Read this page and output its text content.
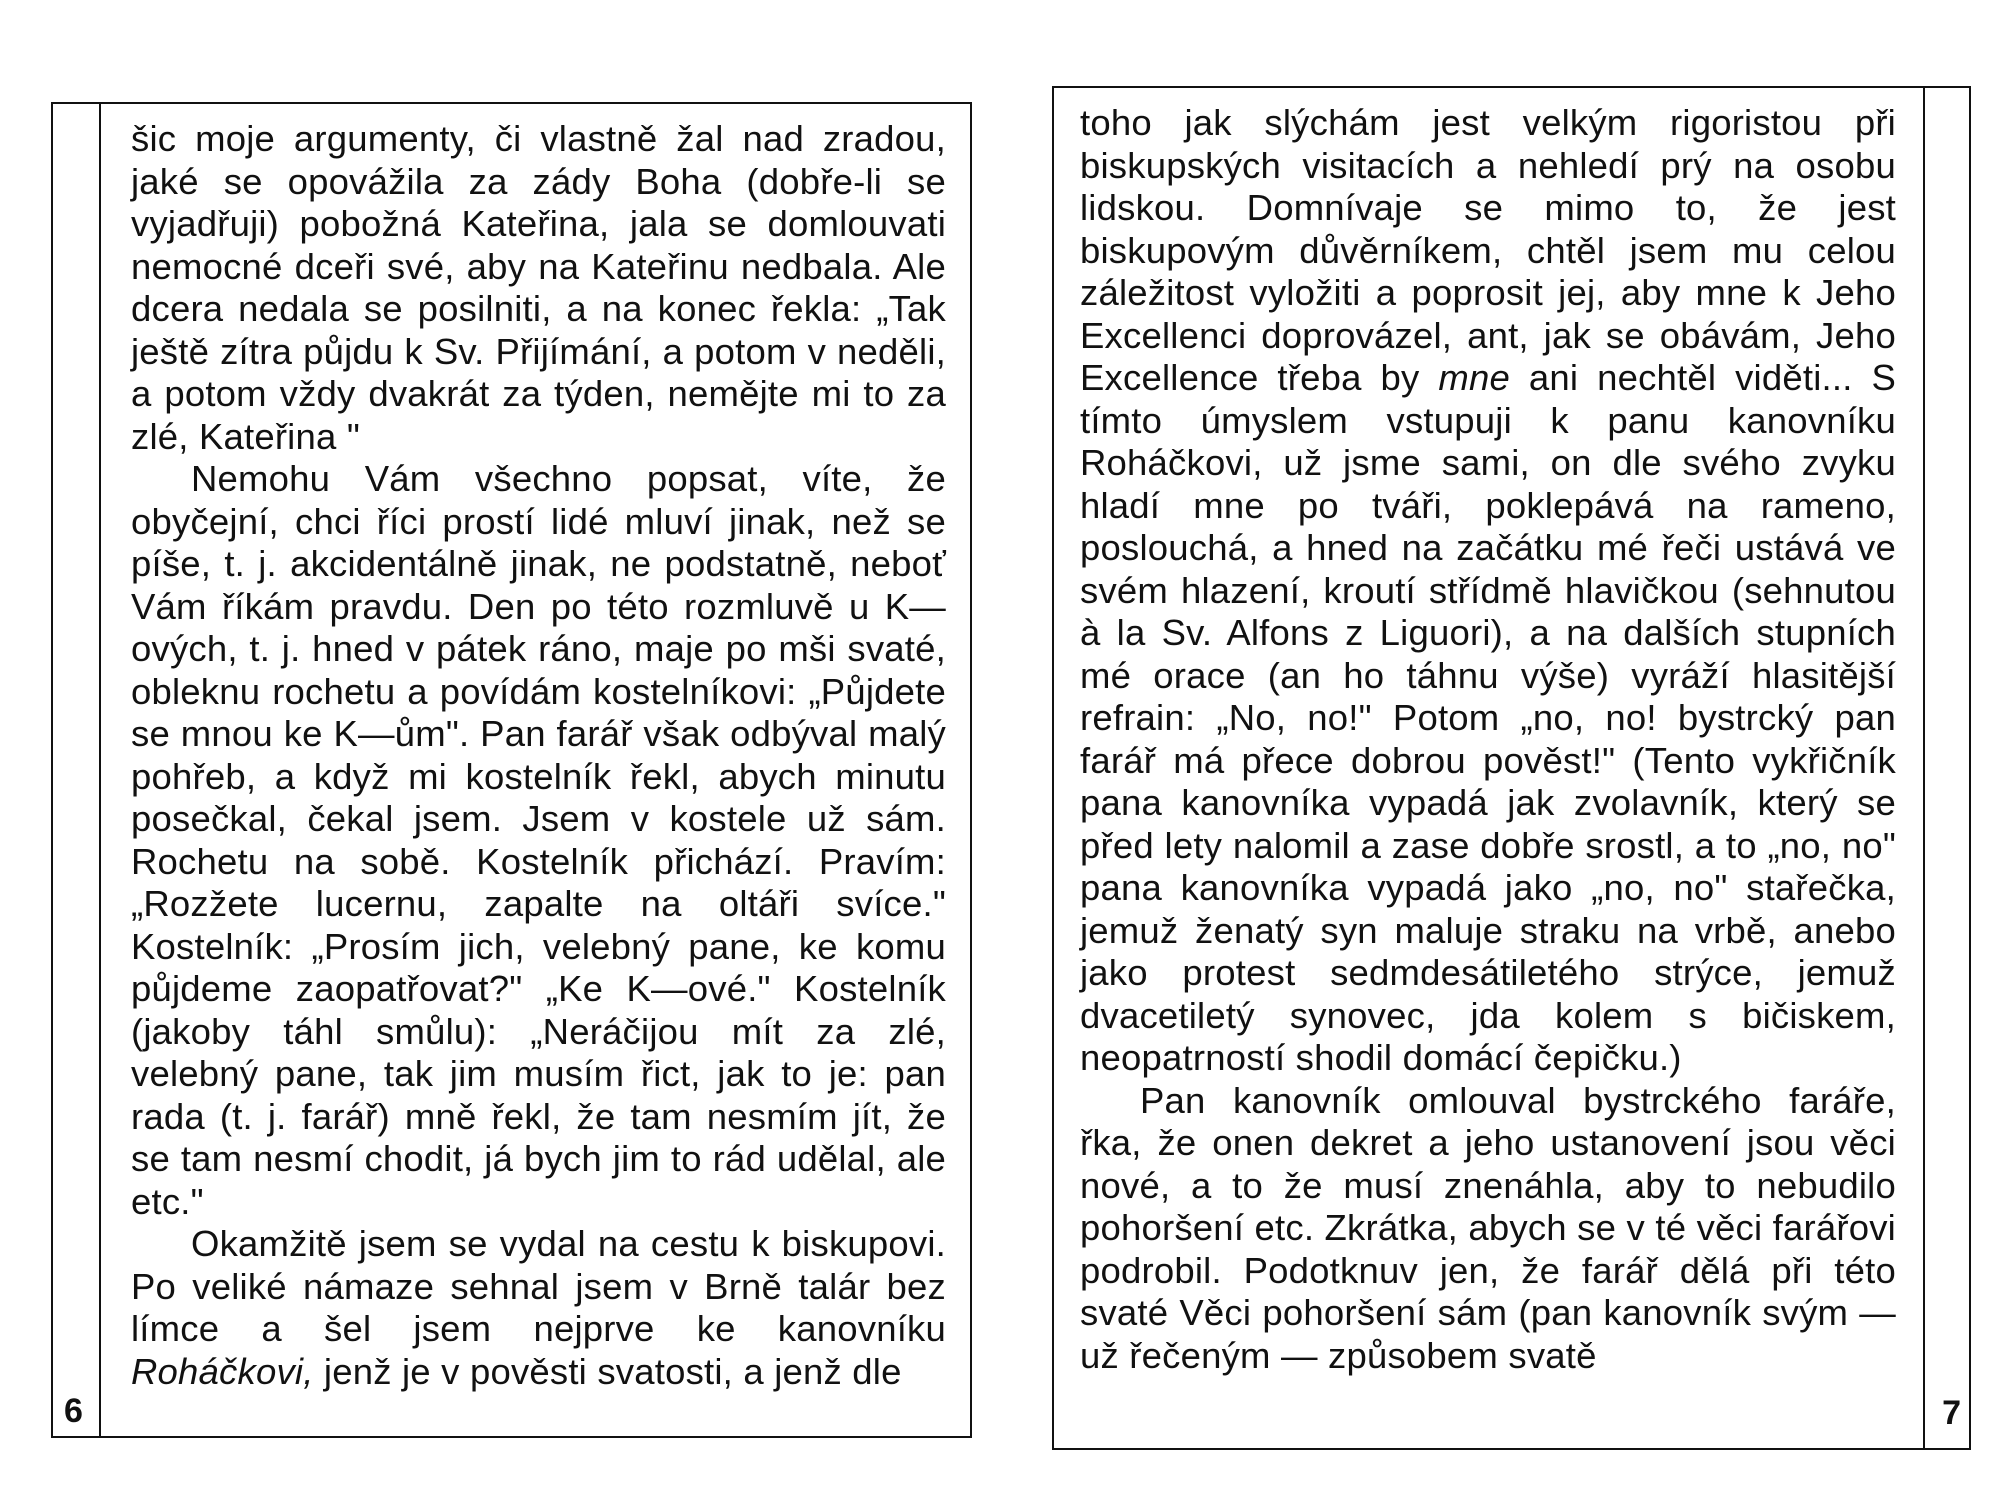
šic moje argumenty, či vlastně žal nad zradou, jaké se opovážila za zády Boha (dobře-li se vyjadřuji) pobožná Kateřina, jala se domlouvati nemocné dceři své, aby na Kateřinu nedbala. Ale dcera nedala se posilniti, a na konec řekla: „Tak ještě zítra půjdu k Sv. Přijímání, a potom v neděli, a potom vždy dvakrát za týden, nemějte mi to za zlé, Kateřina "

Nemohu Vám všechno popsat, víte, že obyčejní, chci říci prostí lidé mluví jinak, než se píše, t. j. akcidentálně jinak, ne podstatně, neboť Vám říkám pravdu. Den po této rozmluvě u K—ových, t. j. hned v pátek ráno, maje po mši svaté, obleknu rochetu a povídám kostelníkovi: „Půjdete se mnou ke K—ům". Pan farář však odbýval malý pohřeb, a když mi kostelník řekl, abych minutu posečkal, čekal jsem. Jsem v kostele už sám. Rochetu na sobě. Kostelník přichází. Pravím: „Rozžete lucernu, zapalte na oltáři svíce." Kostelník: „Prosím jich, velebný pane, ke komu půjdeme zaopatřovat?" „Ke K—ové." Kostelník (jakoby táhl smůlu): „Neráčijou mít za zlé, velebný pane, tak jim musím řict, jak to je: pan rada (t. j. farář) mně řekl, že tam nesmím jít, že se tam nesmí chodit, já bych jim to rád udělal, ale etc."

Okamžitě jsem se vydal na cestu k biskupovi. Po veliké námaze sehnal jsem v Brně talár bez límce a šel jsem nejprve ke kanovníku Roháčkovi, jenž je v pověsti svatosti, a jenž dle

6

toho jak slýchám jest velkým rigoristou při biskupských visitacích a nehledí prý na osobu lidskou. Domnívaje se mimo to, že jest biskupovým důvěrníkem, chtěl jsem mu celou záležitost vyložiti a poprosit jej, aby mne k Jeho Excellenci doprovázel, ant, jak se obávám, Jeho Excellence třeba by mne ani nechtěl viděti... S tímto úmyslem vstupuji k panu kanovníku Roháčkovi, už jsme sami, on dle svého zvyku hladí mne po tváři, poklepává na rameno, poslouchá, a hned na začátku mé řeči ustává ve svém hlazení, kroutí střídmě hlavičkou (sehnutou à la Sv. Alfons z Liguori), a na dalších stupních mé orace (an ho táhnu výše) vyráží hlasitější refrain: „No, no!" Potom „no, no! bystrcký pan farář má přece dobrou pověst!" (Tento vykřičník pana kanovníka vypadá jak zvolavník, který se před lety nalomil a zase dobře srostl, a to „no, no" pana kanovníka vypadá jako „no, no" stařečka, jemuž ženatý syn maluje straku na vrbě, anebo jako protest sedmdesátiletého strýce, jemuž dvacetiletý synovec, jda kolem s bičiskem, neopatrností shodil domácí čepičku.)

Pan kanovník omlouval bystrckého faráře, řka, že onen dekret a jeho ustanovení jsou věci nové, a to že musí znenáhla, aby to nebudilo pohoršení etc. Zkrátka, abych se v té věci farářovi podrobil. Podotknuv jen, že farář dělá při této svaté Věci pohoršení sám (pan kanovník svým — už řečeným — způsobem svatě

7
